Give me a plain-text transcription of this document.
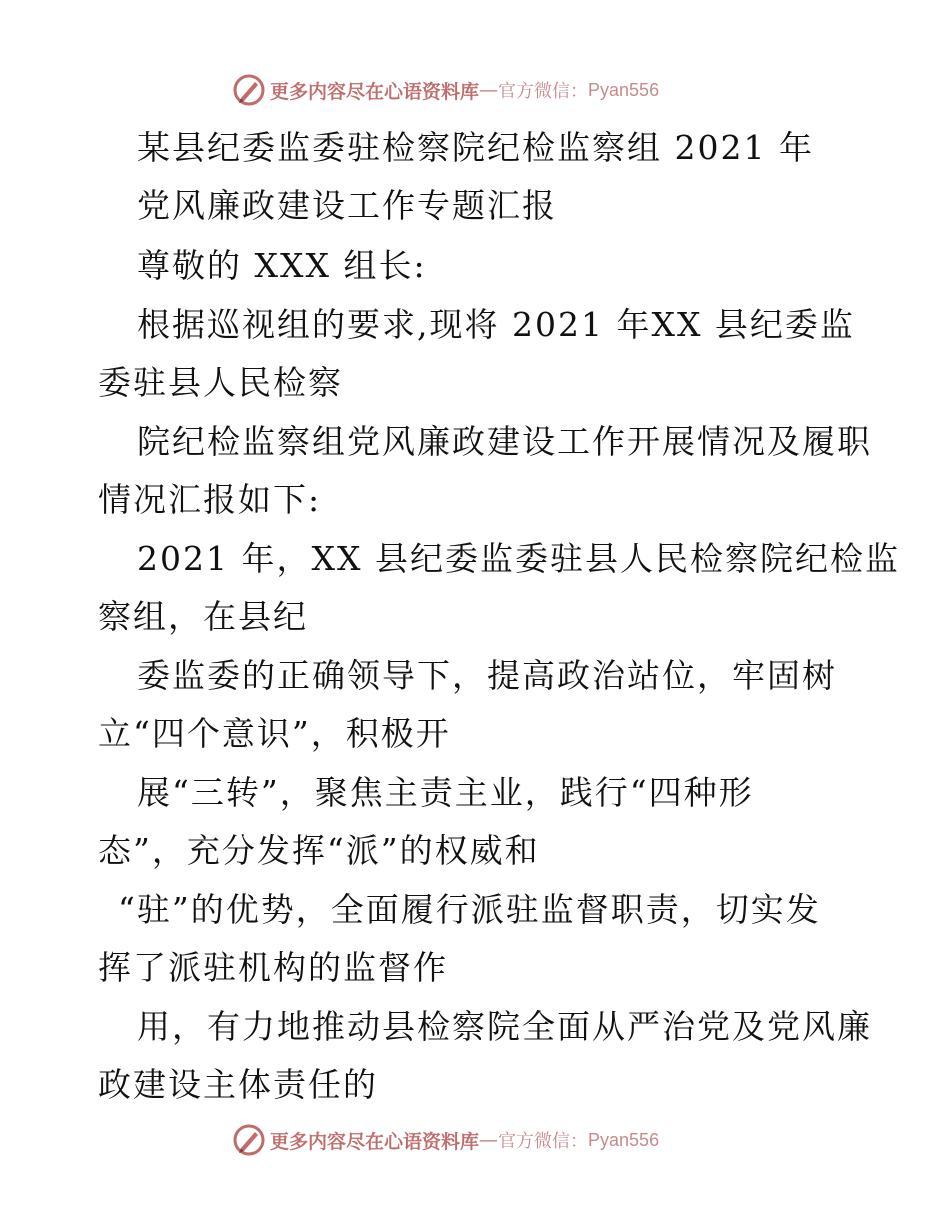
更多内容尽在心语资料库 — 官方微信： Pyan556
某县纪委监委驻检察院纪检监察组 2021 年
党风廉政建设工作专题汇报
尊敬的 XXX 组长:
根据巡视组的要求,现将 2021 年XX 县纪委监
委驻县人民检察
院纪检监察组党风廉政建设工作开展情况及履职
情况汇报如下:
2021 年，XX 县纪委监委驻县人民检察院纪检监
察组，在县纪
委监委的正确领导下，提高政治站位，牢固树
立“四个意识”，积极开
展“三转”，聚焦主责主业，践行“四种形
态”，充分发挥“派”的权威和
“驻”的优势，全面履行派驻监督职责，切实发
挥了派驻机构的监督作
用，有力地推动县检察院全面从严治党及党风廉
政建设主体责任的
更多内容尽在心语资料库 — 官方微信： Pyan556
